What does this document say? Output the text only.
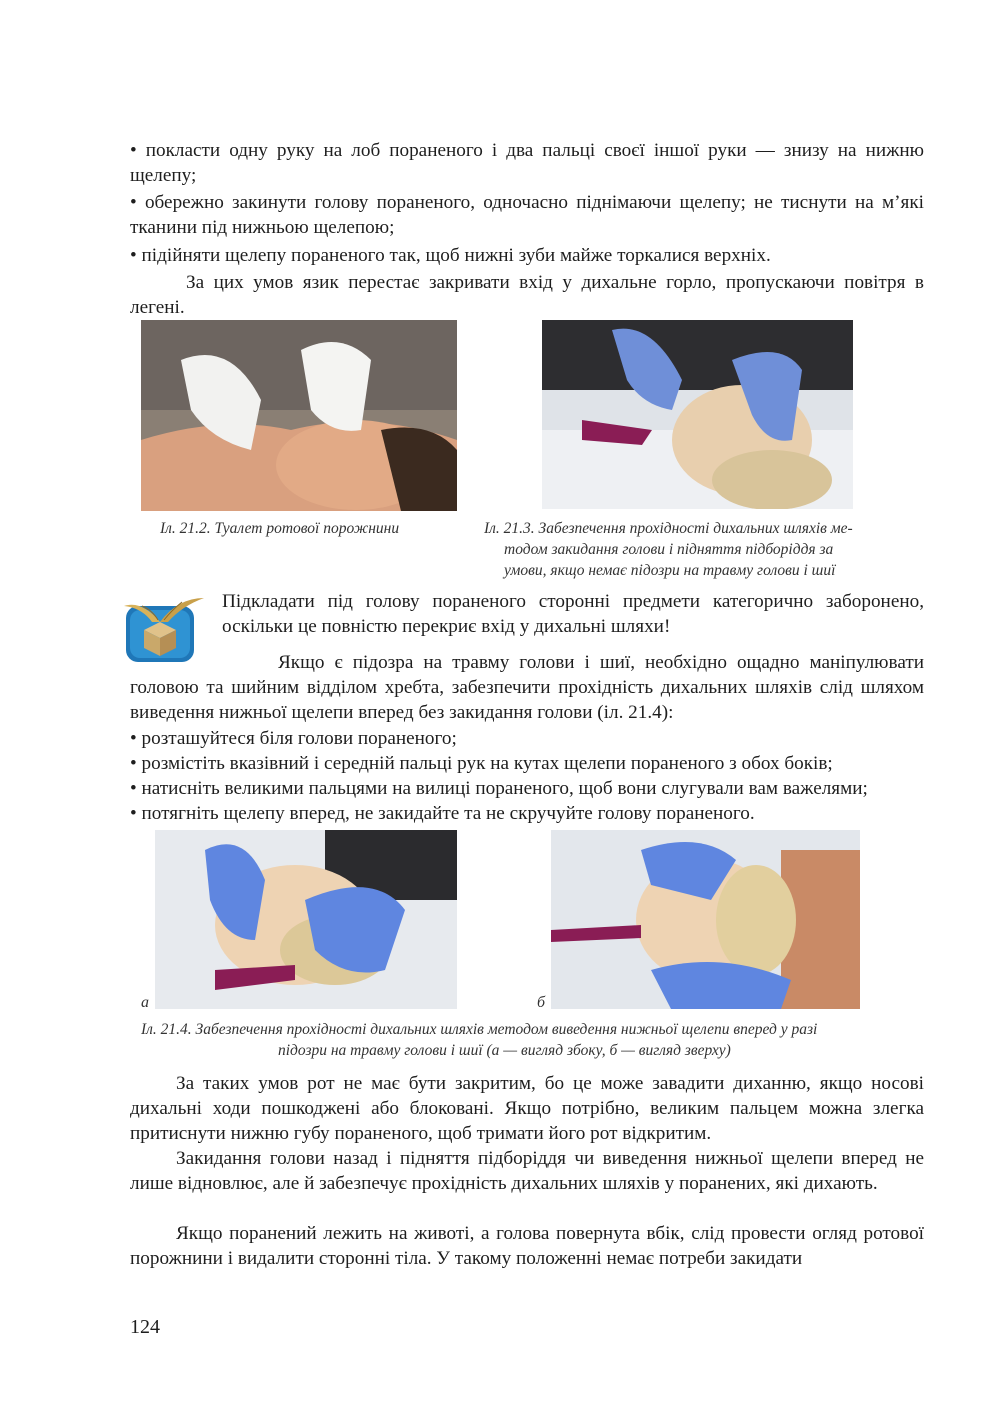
• покласти одну руку на лоб пораненого і два пальці своєї іншої руки — знизу на нижню щелепу;
• обережно закинути голову пораненого, одночасно піднімаючи щелепу; не тиснути на м’які тканини під нижньою щелепою;
• підійняти щелепу пораненого так, щоб нижні зуби майже торкалися верхніх.
За цих умов язик перестає закривати вхід у дихальне горло, пропускаючи повітря в легені.
Іл. 21.2. Туалет ротової порожнини	Іл. 21.3. Забезпечення прохідності дихальних шляхів ме-
тодом закидання голови і підняття підборіддя за
умови, якщо немає підозри на травму голови і шиї
Підкладати під голову пораненого сторонні предмети категорично заборонено, оскільки це повністю перекриє вхід у дихальні шляхи!
Якщо є підозра на травму голови і шиї, необхідно ощадно маніпулювати головою та шийним відділом хребта, забезпечити прохідність дихальних шляхів слід шляхом виведення нижньої щелепи вперед без закидання голови (іл. 21.4):
• розташуйтеся біля голови пораненого;
• розмістіть вказівний і середній пальці рук на кутах щелепи пораненого з обох боків;
• натисніть великими пальцями на вилиці пораненого, щоб вони слугували вам важелями;
• потягніть щелепу вперед, не закидайте та не скручуйте голову пораненого.
а	б
Іл. 21.4. Забезпечення прохідності дихальних шляхів методом виведення нижньої щелепи вперед у разі
підозри на травму голови і шиї (а — вигляд збоку, б — вигляд зверху)
За таких умов рот не має бути закритим, бо це може завадити диханню, якщо носові дихальні ходи пошкоджені або блоковані. Якщо потрібно, великим пальцем можна злегка притиснути нижню губу пораненого, щоб тримати його рот відкритим.
Закидання голови назад і підняття підборіддя чи виведення нижньої щелепи вперед не лише відновлює, але й забезпечує прохідність дихальних шляхів у поранених, які дихають.
Якщо поранений лежить на животі, а голова повернута вбік, слід провести огляд ротової порожнини і видалити сторонні тіла. У такому положенні немає потреби закидати
124
